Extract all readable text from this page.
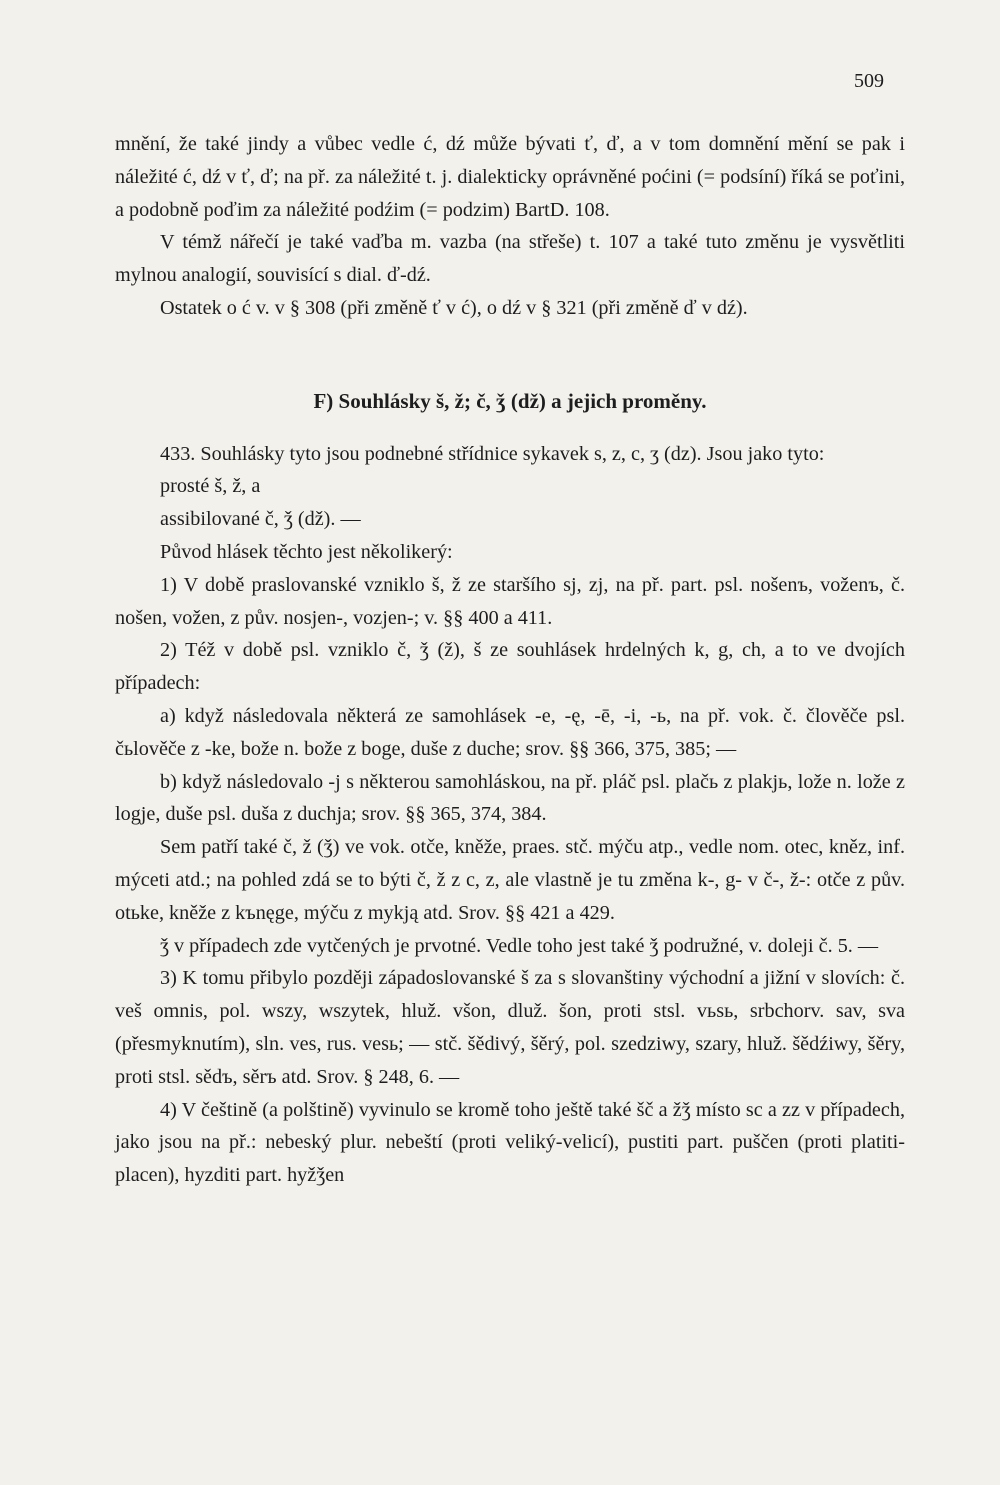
509

mnění, že také jindy a vůbec vedle ć, dź může bývati ť, ď, a v tom domnění mění se pak i náležité ć, dź v ť, ď; na př. za náležité t. j. dialekticky oprávněné poćini (= podsíní) říká se poťini, a podobně poďim za náležité podźim (= podzim) BartD. 108.

V témž nářečí je také vaďba m. vazba (na střeše) t. 107 a také tuto změnu je vysvětliti mylnou analogií, souvisící s dial. ď-dź.

Ostatek o ć v. v § 308 (při změně ť v ć), o dź v § 321 (při změně ď v dź).

F) Souhlásky š, ž; č, ǯ (dž) a jejich proměny.

433. Souhlásky tyto jsou podnebné střídnice sykavek s, z, c, ʒ (dz). Jsou jako tyto:

prosté š, ž, a

assibilované č, ǯ (dž). —

Původ hlásek těchto jest několikerý:

1) V době praslovanské vzniklo š, ž ze staršího sj, zj, na př. part. psl. nošenъ, voženъ, č. nošen, vožen, z pův. nosjen-, vozjen-; v. §§ 400 a 411.

2) Též v době psl. vzniklo č, ǯ (ž), š ze souhlásek hrdelných k, g, ch, a to ve dvojích případech:

a) když následovala některá ze samohlásek -e, -ę, -ē, -i, -ь, na př. vok. č. člověče psl. čьlověče z -ke, bože n. bože z boge, duše z duche; srov. §§ 366, 375, 385; —

b) když následovalo -j s některou samohláskou, na př. pláč psl. plačь z plakjь, lože n. lože z logje, duše psl. duša z duchja; srov. §§ 365, 374, 384.

Sem patří také č, ž (ǯ) ve vok. otče, kněže, praes. stč. mýču atp., vedle nom. otec, kněz, inf. mýceti atd.; na pohled zdá se to býti č, ž z c, z, ale vlastně je tu změna k-, g- v č-, ž-: otče z pův. otьke, kněže z kъnęge, mýču z mykją atd. Srov. §§ 421 a 429.

ǯ v případech zde vytčených je prvotné. Vedle toho jest také ǯ podružné, v. doleji č. 5. —

3) K tomu přibylo později západoslovanské š za s slovanštiny východní a jižní v slovích: č. veš omnis, pol. wszy, wszytek, hluž. všon, dluž. šon, proti stsl. vьsь, srbchorv. sav, sva (přesmyknutím), sln. ves, rus. vesь; — stč. šědivý, šěrý, pol. szedziwy, szary, hluž. šědźiwy, šěry, proti stsl. sědъ, sěrъ atd. Srov. § 248, 6. —

4) V češtině (a polštině) vyvinulo se kromě toho ještě také šč a žǯ místo sc a zz v případech, jako jsou na př.: nebeský plur. nebeští (proti veliký-velicí), pustiti part. puščen (proti platiti-placen), hyzditi part. hyžǯen
